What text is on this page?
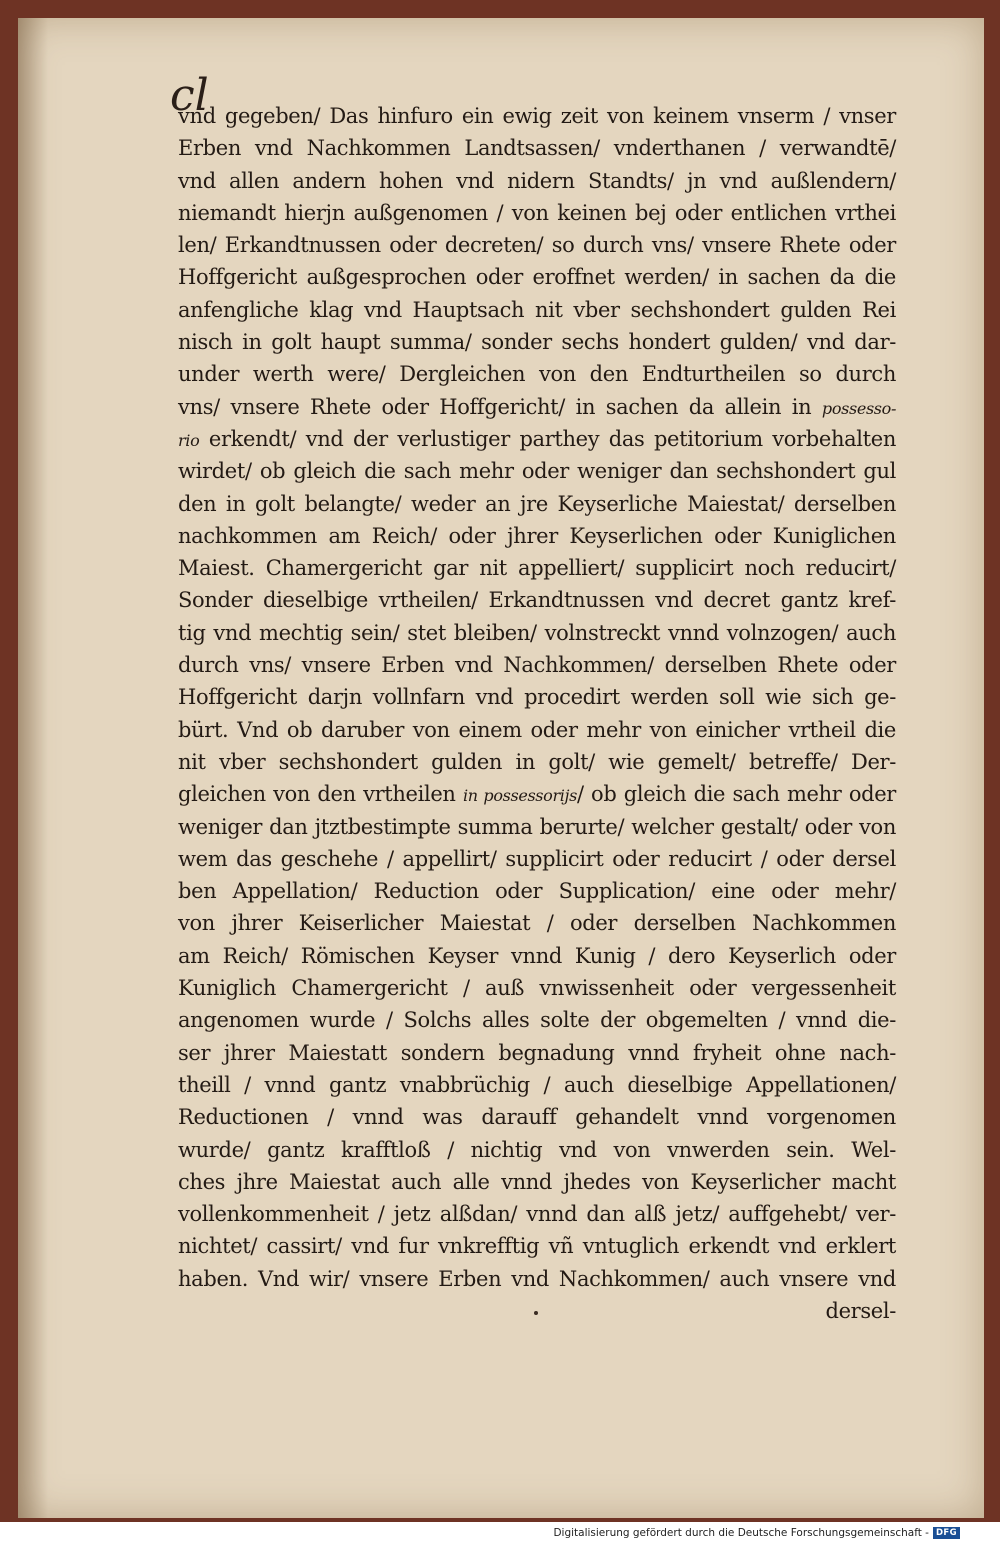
cl
vnd gegeben/ Das hinfuro ein ewig zeit von keinem vnserm / vnser
Erben vnd Nachkommen Landtsassen/ vnderthanen / verwandtē/
vnd allen andern hohen vnd nidern Standts/ jn vnd außlendern/
niemandt hierjn außgenomen / von keinen bej oder entlichen vrthei
len/ Erkandtnussen oder decreten/ so durch vns/ vnsere Rhete oder
Hoffgericht außgesprochen oder eroffnet werden/ in sachen da die
anfengliche klag vnd Hauptsach nit vber sechshondert gulden Rei
nisch in golt haupt summa/ sonder sechs hondert gulden/ vnd dar-
under werth were/ Dergleichen von den Endturtheilen so durch
vns/ vnsere Rhete oder Hoffgericht/ in sachen da allein in possesso-
rio erkendt/ vnd der verlustiger parthey das petitorium vorbehalten
wirdet/ ob gleich die sach mehr oder weniger dan sechshondert gul
den in golt belangte/ weder an jre Keyserliche Maiestat/ derselben
nachkommen am Reich/ oder jhrer Keyserlichen oder Kuniglichen
Maiest. Chamergericht gar nit appelliert/ supplicirt noch reducirt/
Sonder dieselbige vrtheilen/ Erkandtnussen vnd decret gantz kref-
tig vnd mechtig sein/ stet bleiben/ volnstreckt vnnd volnzogen/ auch
durch vns/ vnsere Erben vnd Nachkommen/ derselben Rhete oder
Hoffgericht darjn vollnfarn vnd procedirt werden soll wie sich ge-
bürt. Vnd ob daruber von einem oder mehr von einicher vrtheil die
nit vber sechshondert gulden in golt/ wie gemelt/ betreffe/ Der-
gleichen von den vrtheilen in possessorijs/ ob gleich die sach mehr oder
weniger dan jtztbestimpte summa berurte/ welcher gestalt/ oder von
wem das geschehe / appellirt/ supplicirt oder reducirt / oder dersel
ben Appellation/ Reduction oder Supplication/ eine oder mehr/
von jhrer Keiserlicher Maiestat / oder derselben Nachkommen
am Reich/ Römischen Keyser vnnd Kunig / dero Keyserlich oder
Kuniglich Chamergericht / auß vnwissenheit oder vergessenheit
angenomen wurde / Solchs alles solte der obgemelten / vnnd die-
ser jhrer Maiestatt sondern begnadung vnnd fryheit ohne nach-
theill / vnnd gantz vnabbrüchig / auch dieselbige Appellationen/
Reductionen / vnnd was darauff gehandelt vnnd vorgenomen
wurde/ gantz krafftloß / nichtig vnd von vnwerden sein. Wel-
ches jhre Maiestat auch alle vnnd jhedes von Keyserlicher macht
vollenkommenheit / jetz alßdan/ vnnd dan alß jetz/ auffgehebt/ ver-
nichtet/ cassirt/ vnd fur vnkrefftig vñ vntuglich erkendt vnd erklert
haben. Vnd wir/ vnsere Erben vnd Nachkommen/ auch vnsere vnd
dersel-
Digitalisierung gefördert durch die Deutsche Forschungsgemeinschaft - DFG
